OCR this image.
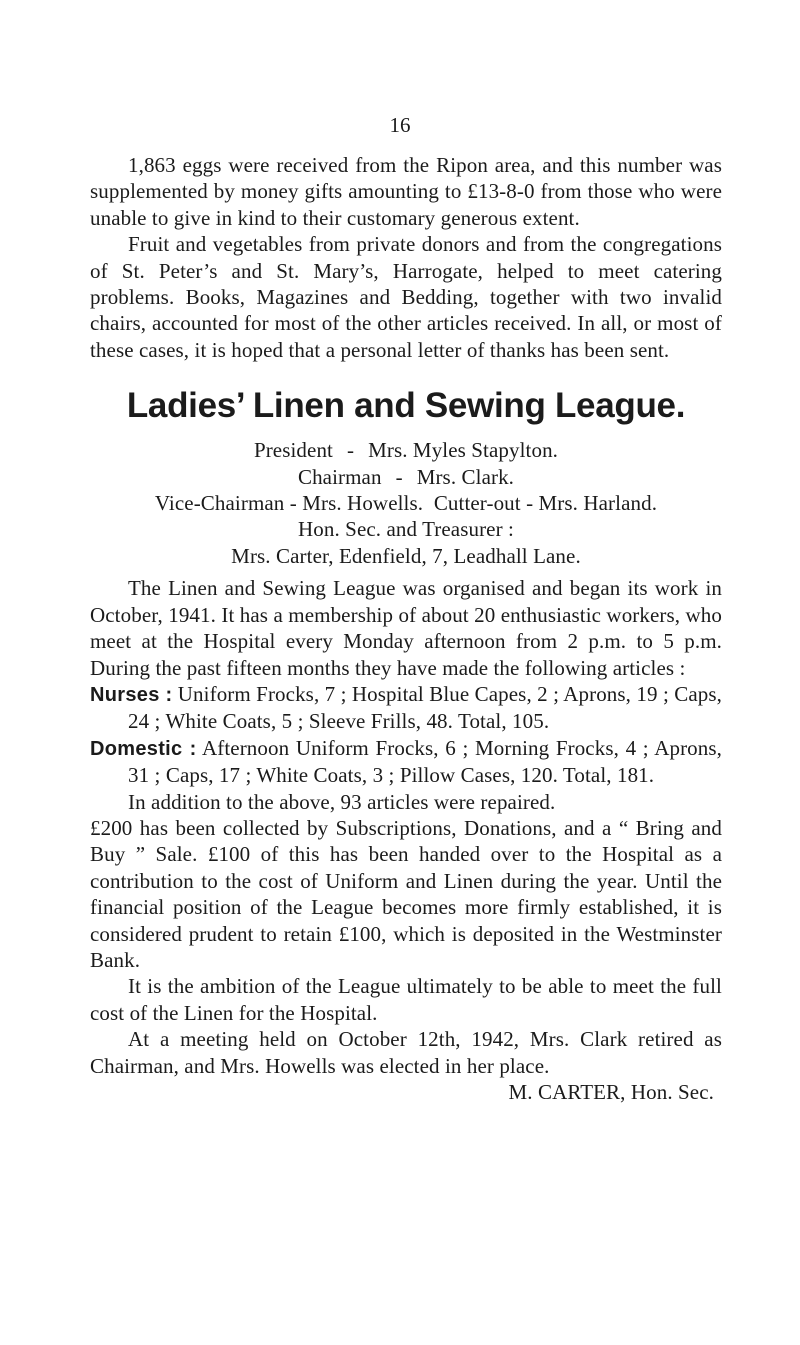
16

1,863 eggs were received from the Ripon area, and this number was supplemented by money gifts amounting to £13-8-0 from those who were unable to give in kind to their customary generous extent.

Fruit and vegetables from private donors and from the congregations of St. Peter’s and St. Mary’s, Harrogate, helped to meet catering problems. Books, Magazines and Bedding, together with two invalid chairs, accounted for most of the other articles received. In all, or most of these cases, it is hoped that a personal letter of thanks has been sent.

Ladies’ Linen and Sewing League.

President - Mrs. Myles Stapylton.

Chairman - Mrs. Clark.

Vice-Chairman - Mrs. Howells. Cutter-out - Mrs. Harland.

Hon. Sec. and Treasurer :

Mrs. Carter, Edenfield, 7, Leadhall Lane.

The Linen and Sewing League was organised and began its work in October, 1941. It has a membership of about 20 enthusiastic workers, who meet at the Hospital every Monday afternoon from 2 p.m. to 5 p.m. During the past fifteen months they have made the following articles :

Nurses : Uniform Frocks, 7 ; Hospital Blue Capes, 2 ; Aprons, 19 ; Caps, 24 ; White Coats, 5 ; Sleeve Frills, 48. Total, 105.

Domestic : Afternoon Uniform Frocks, 6 ; Morning Frocks, 4 ; Aprons, 31 ; Caps, 17 ; White Coats, 3 ; Pillow Cases, 120. Total, 181.

In addition to the above, 93 articles were repaired.

£200 has been collected by Subscriptions, Donations, and a “ Bring and Buy ” Sale. £100 of this has been handed over to the Hospital as a contribution to the cost of Uniform and Linen during the year. Until the financial position of the League becomes more firmly established, it is considered prudent to retain £100, which is deposited in the Westminster Bank.

It is the ambition of the League ultimately to be able to meet the full cost of the Linen for the Hospital.

At a meeting held on October 12th, 1942, Mrs. Clark retired as Chairman, and Mrs. Howells was elected in her place.

M. CARTER, Hon. Sec.
